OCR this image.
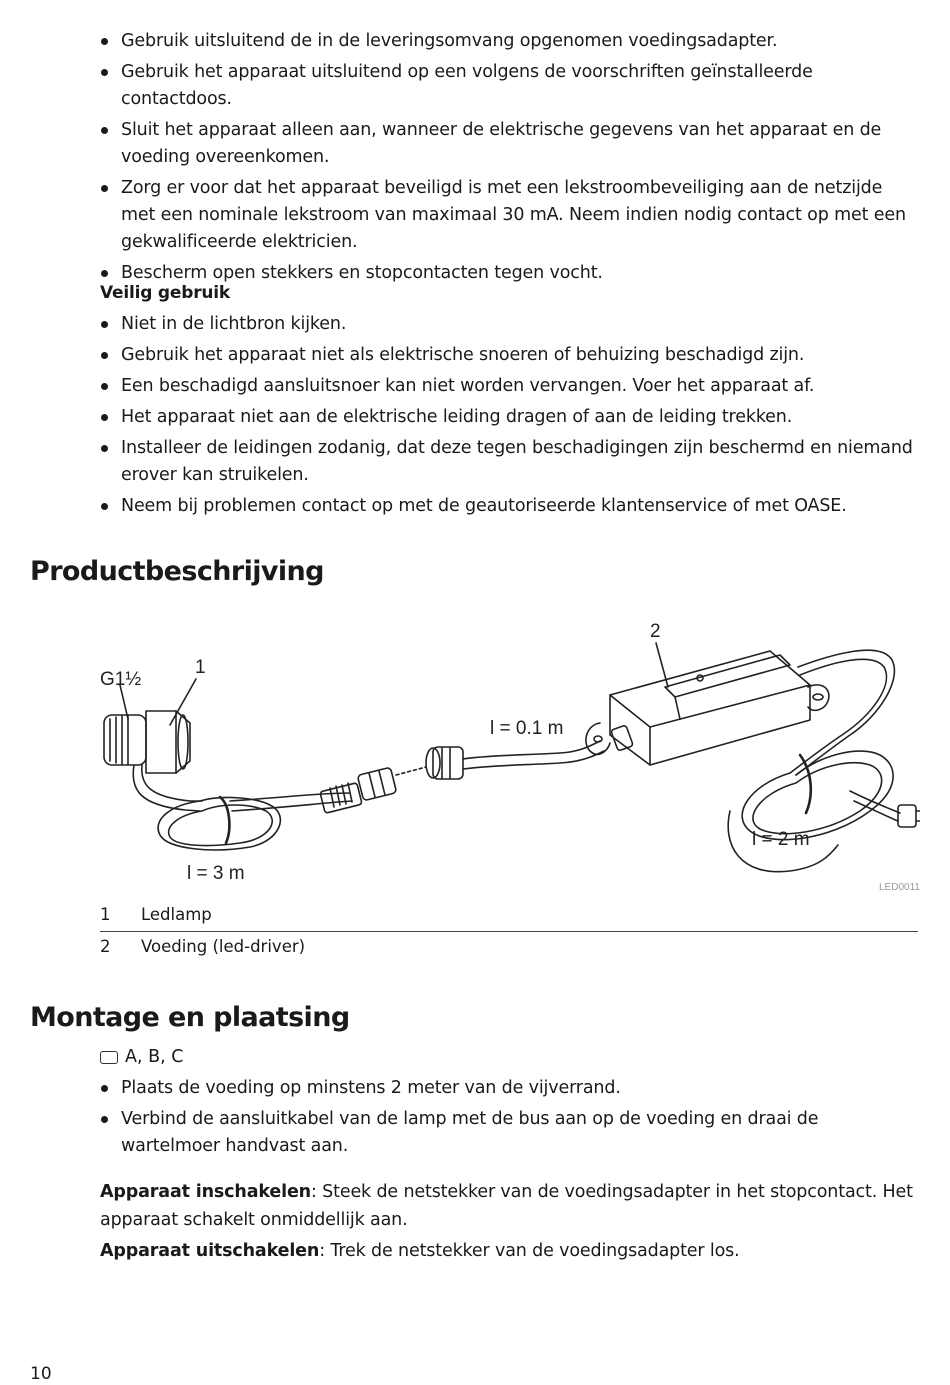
Gebruik uitsluitend de in de leveringsomvang opgenomen voedingsadapter.
Gebruik het apparaat uitsluitend op een volgens de voorschriften geïnstalleerde contactdoos.
Sluit het apparaat alleen aan, wanneer de elektrische gegevens van het apparaat en de voeding overeenkomen.
Zorg er voor dat het apparaat beveiligd is met een lekstroombeveiliging aan de netzijde met een nominale lekstroom van maximaal 30 mA. Neem indien nodig contact op met een gekwalificeerde elektricien.
Bescherm open stekkers en stopcontacten tegen vocht.

Veilig gebruik

Niet in de lichtbron kijken.
Gebruik het apparaat niet als elektrische snoeren of behuizing beschadigd zijn.
Een beschadigd aansluitsnoer kan niet worden vervangen. Voer het apparaat af.
Het apparaat niet aan de elektrische leiding dragen of aan de leiding trekken.
Installeer de leidingen zodanig, dat deze tegen beschadigingen zijn beschermd en niemand erover kan struikelen.
Neem bij problemen contact op met de geautoriseerde klantenservice of met OASE.
Productbeschrijving
G1½
1
2
l = 0.1 m
l = 3 m
l = 2 m
LED0011
1	Ledlamp
2	Voeding (led-driver)
Montage en plaatsing
A, B, C
Plaats de voeding op minstens 2 meter van de vijverrand.
Verbind de aansluitkabel van de lamp met de bus aan op de voeding en draai de wartelmoer handvast aan.

Apparaat inschakelen: Steek de netstekker van de voedingsadapter in het stopcontact. Het apparaat schakelt onmiddellijk aan.

Apparaat uitschakelen: Trek de netstekker van de voedingsadapter los.

10
